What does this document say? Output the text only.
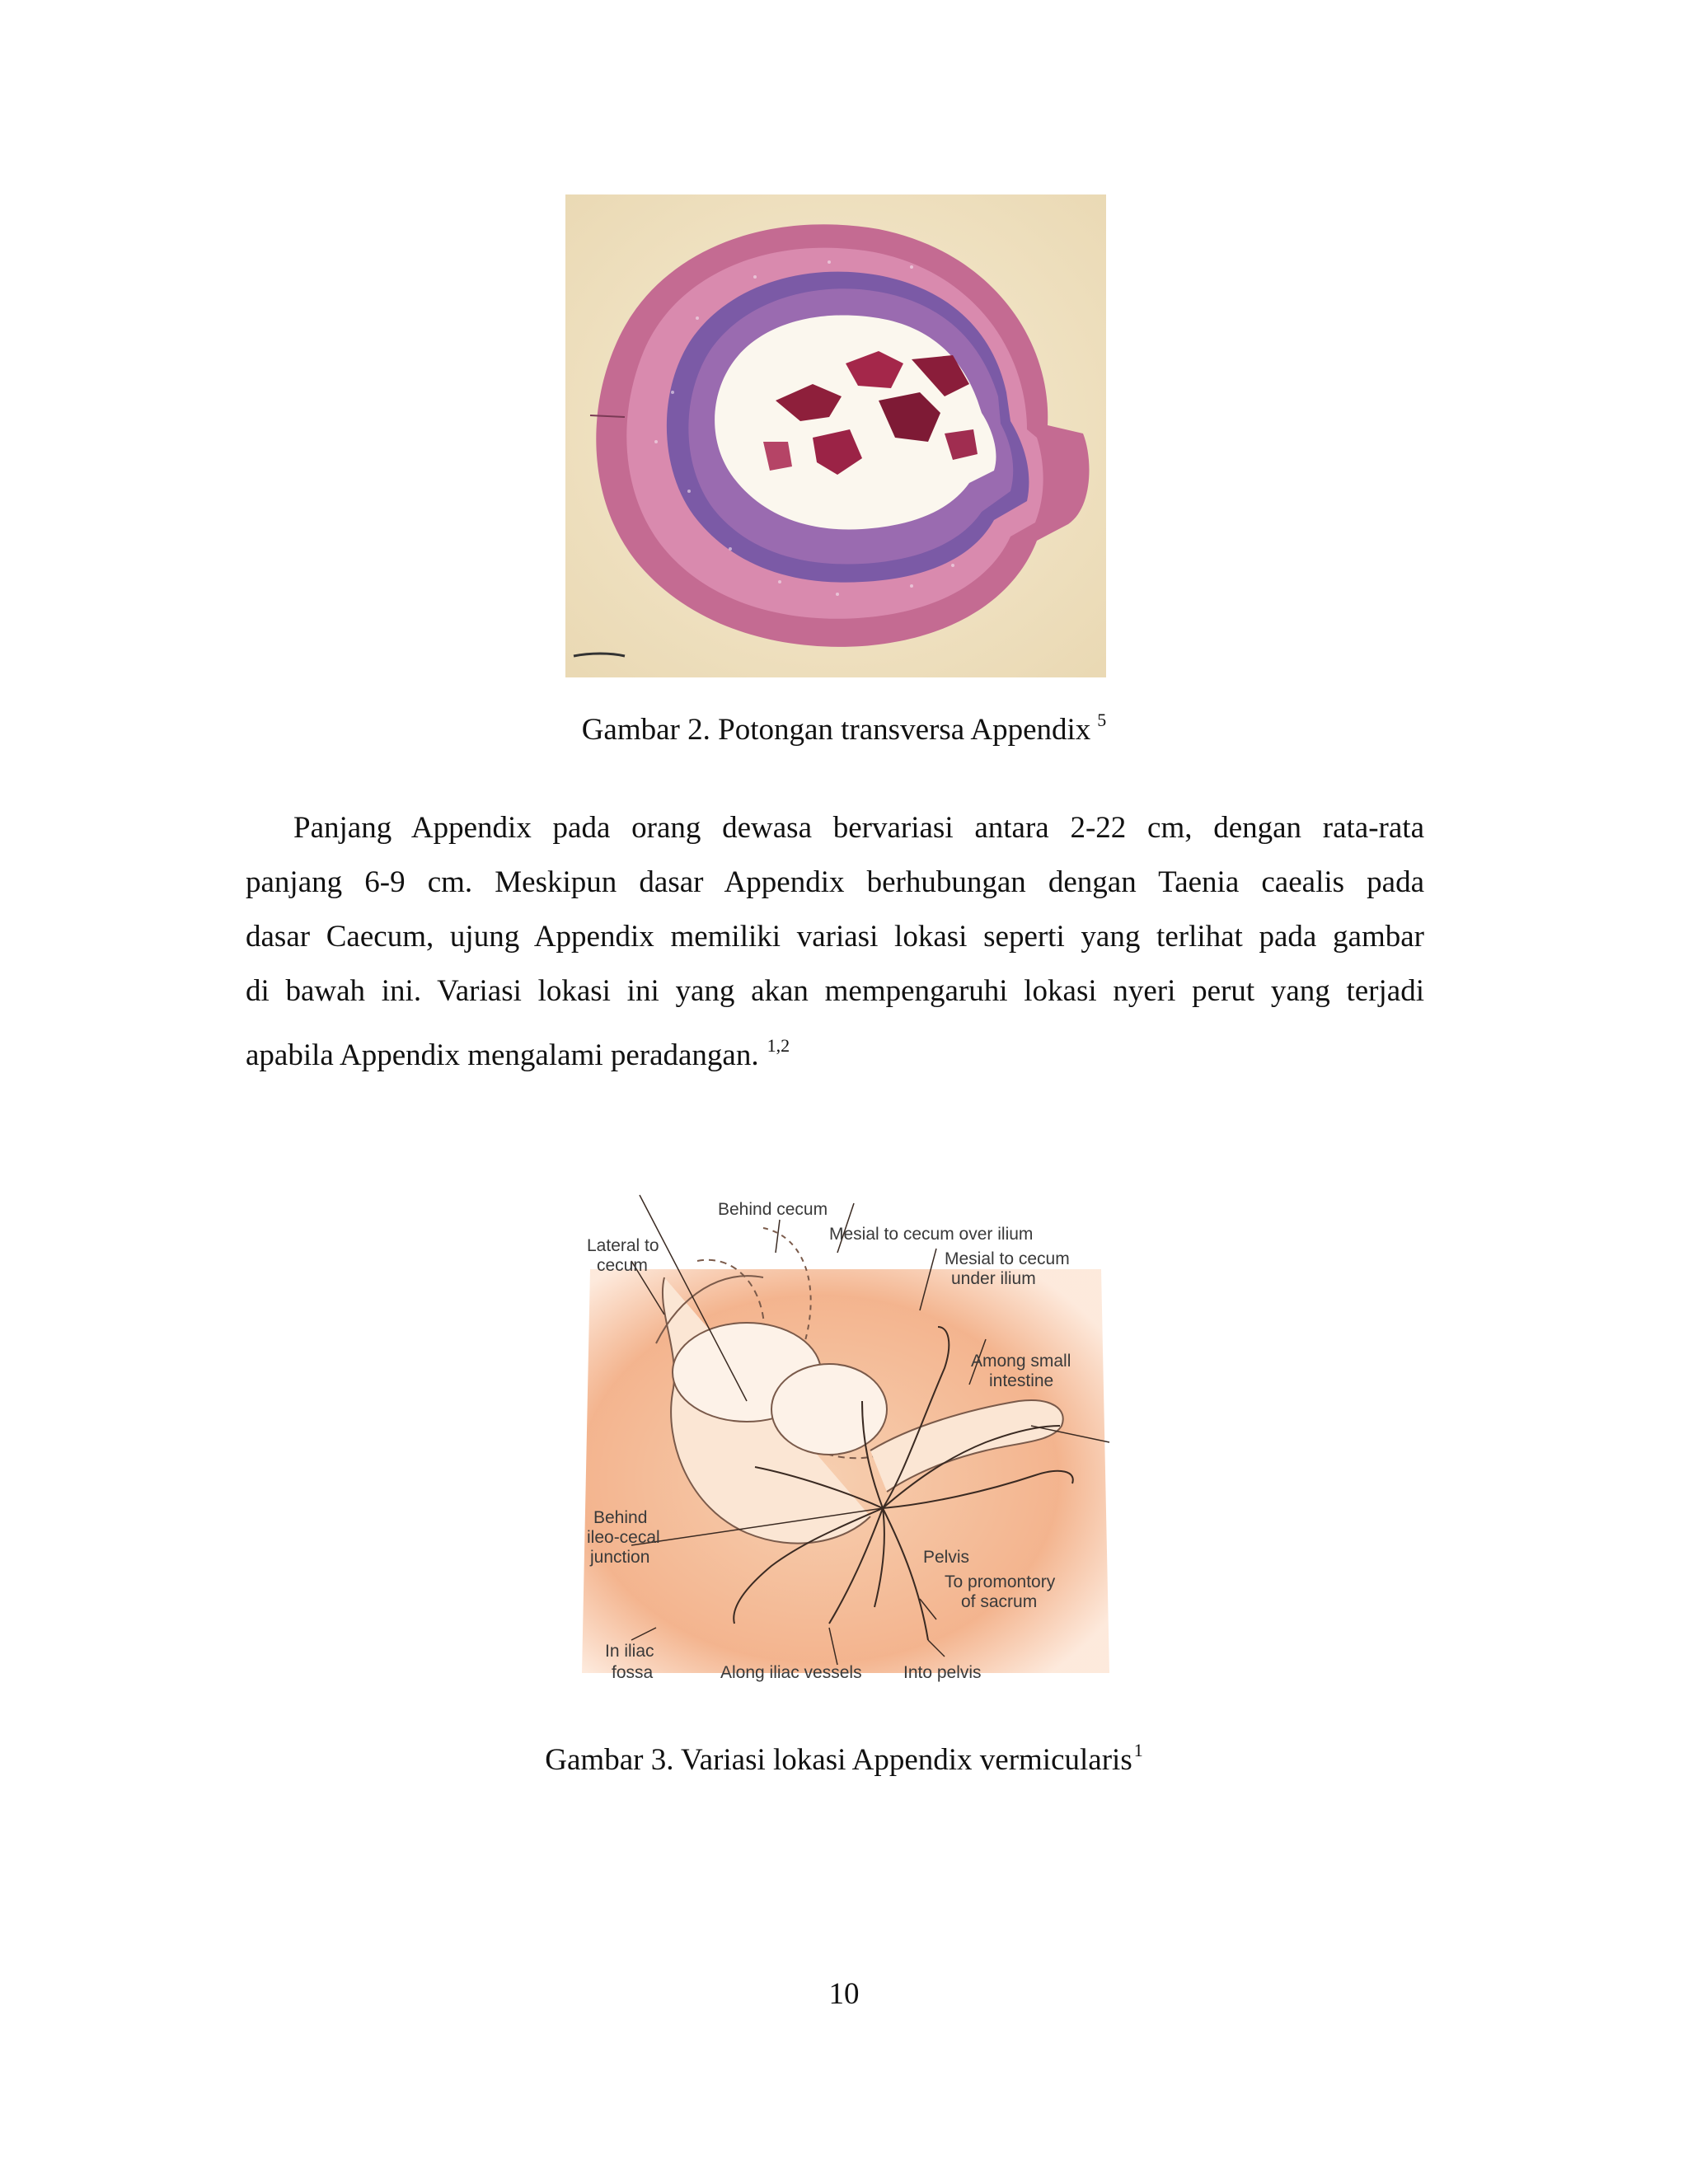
Gambar 2. Potongan transversa Appendix $^5$
Panjang Appendix pada orang dewasa bervariasi antara 2-22 cm, dengan rata-rata
panjang 6-9 cm. Meskipun dasar Appendix berhubungan dengan Taenia caealis pada
dasar Caecum, ujung Appendix memiliki variasi lokasi seperti yang terlihat pada gambar
di bawah ini. Variasi lokasi ini yang akan mempengaruhi lokasi nyeri perut yang terjadi
apabila Appendix mengalami peradangan. $^{1,2}$
Behind cecum
Mesial to cecum over ilium
Lateral to
cecum	Mesial to cecum
under ilium
Among small
intestine
Behind
ileo-cecal
junction	Pelvis
To promontory
of sacrum
In iliac
fossa	Along iliac vessels Into pelvis
Gambar 3. Variasi lokasi Appendix vermicularis$^1$
10
